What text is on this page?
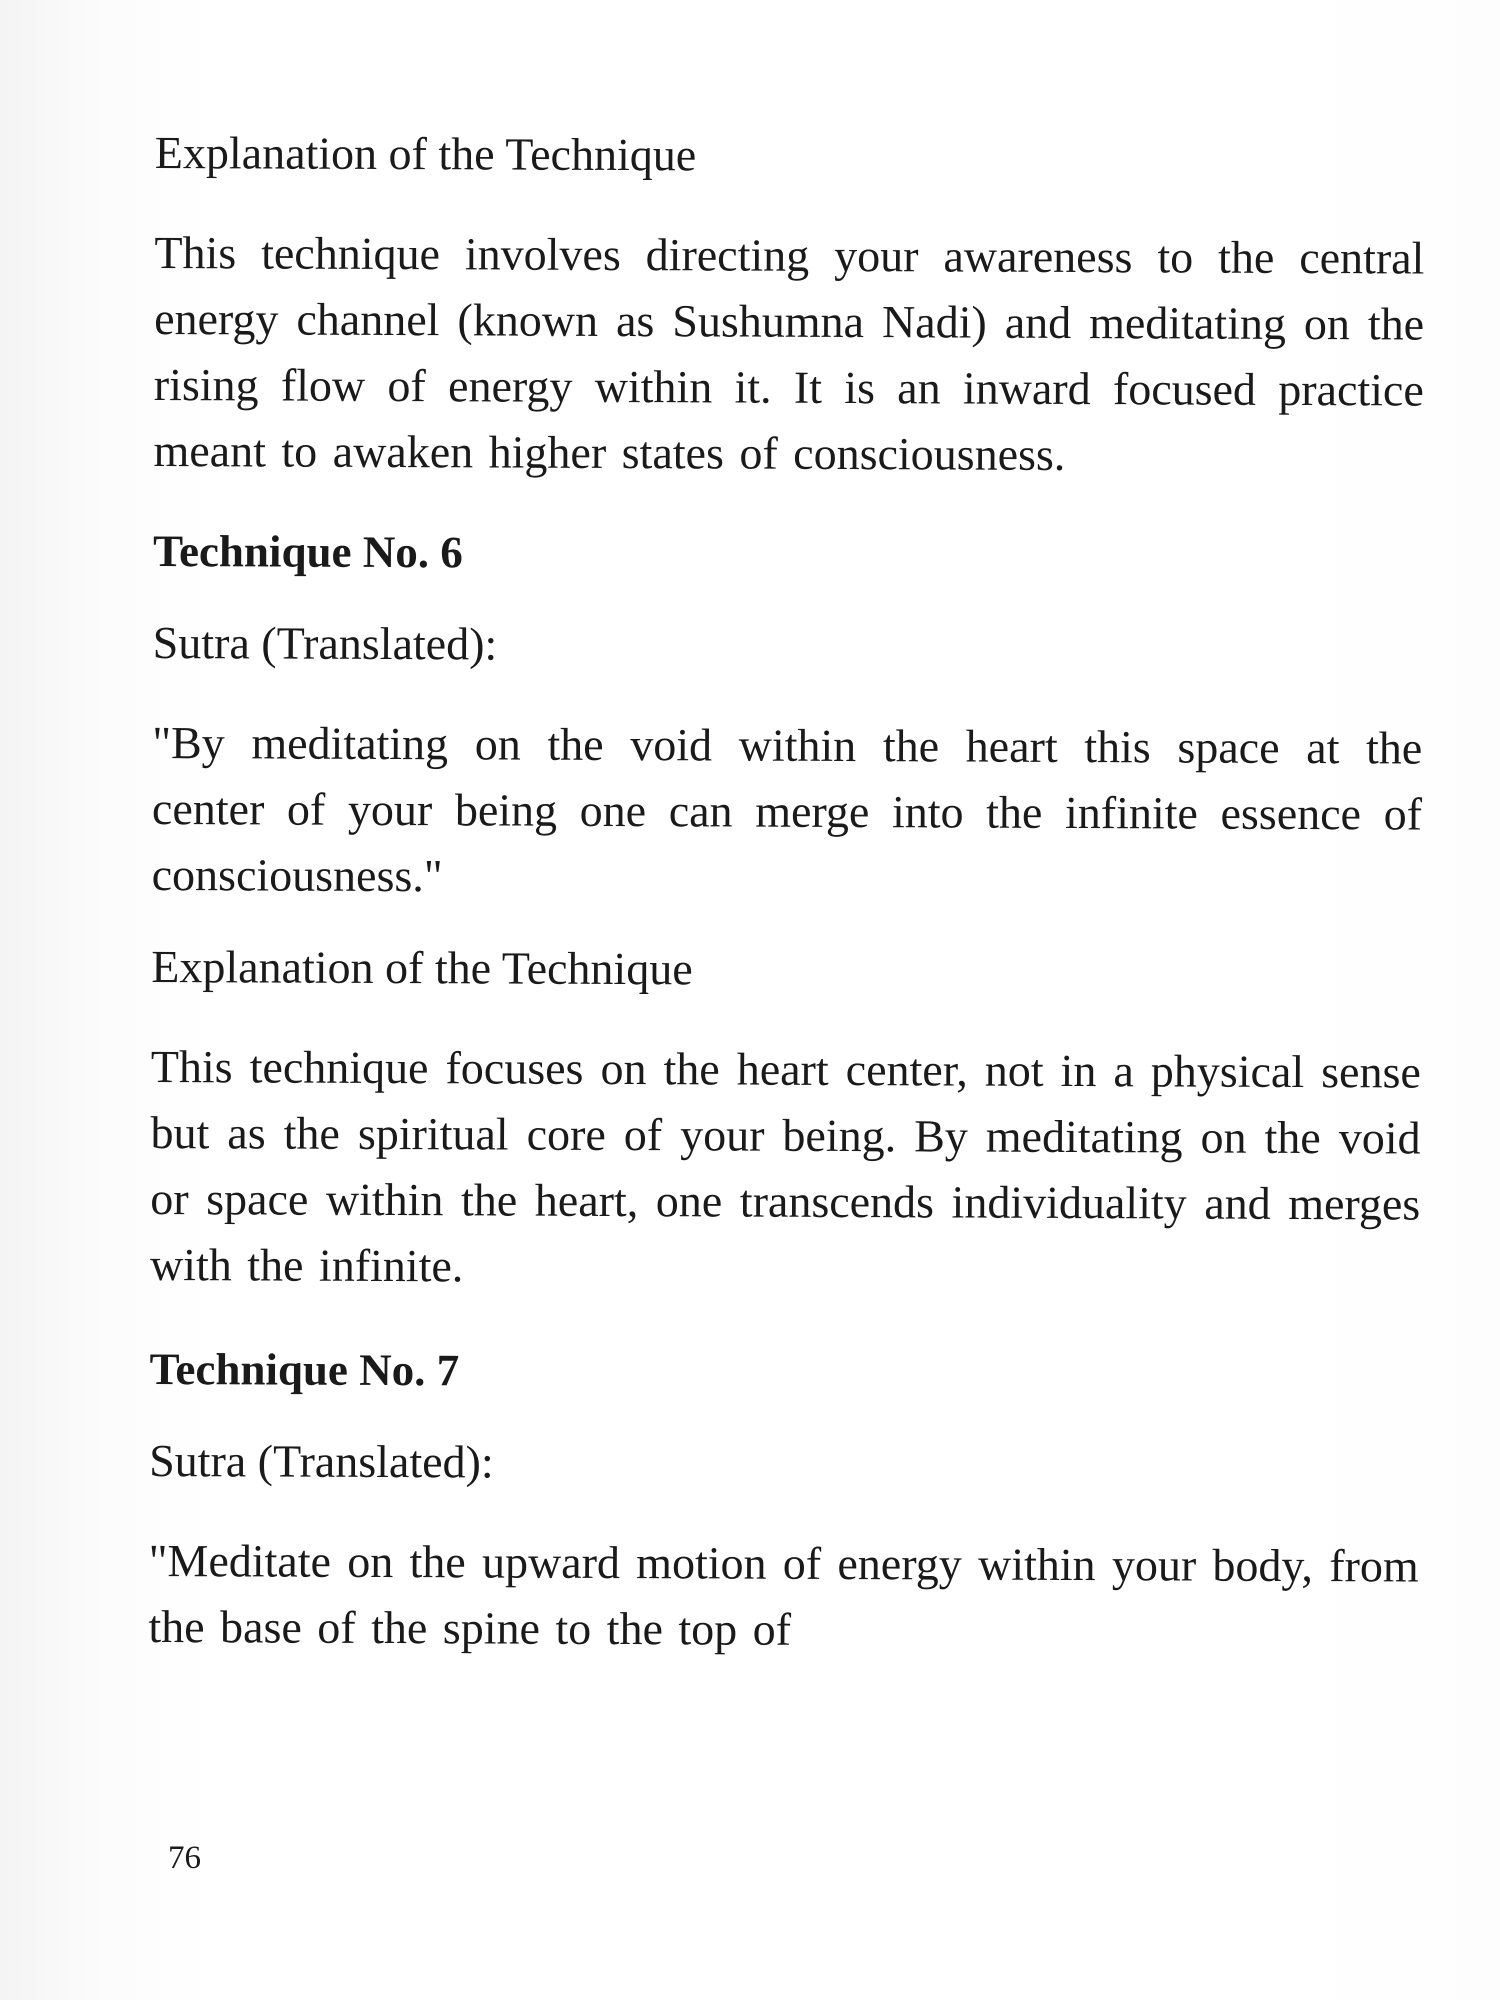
Explanation of the Technique

This technique involves directing your awareness to the central energy channel (known as Sushumna Nadi) and meditating on the rising flow of energy within it. It is an inward focused practice meant to awaken higher states of consciousness.

Technique No. 6

Sutra (Translated):

"By meditating on the void within the heart this space at the center of your being one can merge into the infinite essence of consciousness."

Explanation of the Technique

This technique focuses on the heart center, not in a physical sense but as the spiritual core of your being. By meditating on the void or space within the heart, one transcends individuality and merges with the infinite.

Technique No. 7

Sutra (Translated):

"Meditate on the upward motion of energy within your body, from the base of the spine to the top of

76
